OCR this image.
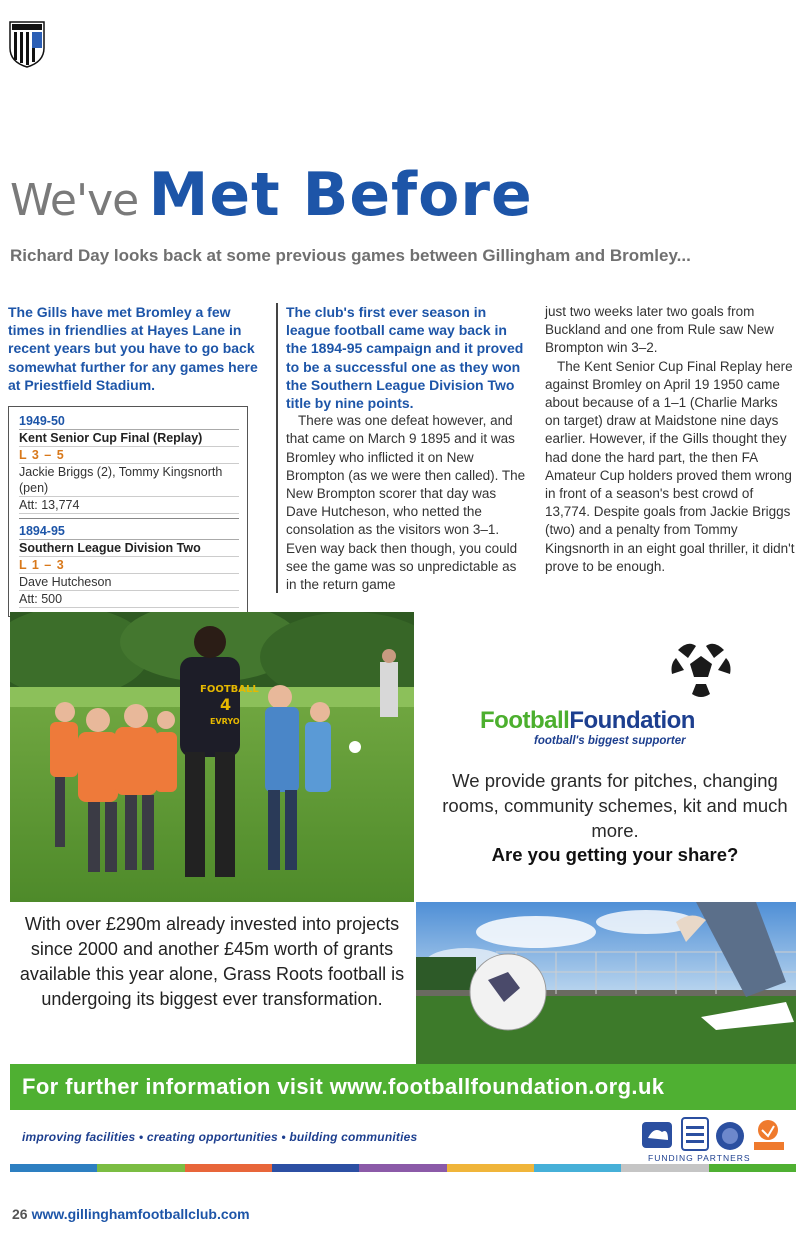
We've Met Before
Richard Day looks back at some previous games between Gillingham and Bromley...

The Gills have met Bromley a few times in friendlies at Hayes Lane in recent years but you have to go back somewhat further for any games here at Priestfield Stadium.

1949-50
Kent Senior Cup Final (Replay)
L 3 – 5
Jackie Briggs (2), Tommy Kingsnorth (pen)
Att: 13,774
1894-95
Southern League Division Two
L 1 – 3
Dave Hutcheson
Att: 500

The club's first ever season in league football came way back in the 1894-95 campaign and it proved to be a successful one as they won the Southern League Division Two title by nine points.

There was one defeat however, and that came on March 9 1895 and it was Bromley who inflicted it on New Brompton (as we were then called). The New Brompton scorer that day was Dave Hutcheson, who netted the consolation as the visitors won 3–1. Even way back then though, you could see the game was so unpredictable as in the return game

just two weeks later two goals from Buckland and one from Rule saw New Brompton win 3–2.

The Kent Senior Cup Final Replay here against Bromley on April 19 1950 came about because of a 1–1 (Charlie Marks on target) draw at Maidstone nine days earlier. However, if the Gills thought they had done the hard part, the then FA Amateur Cup holders proved them wrong in front of a season's best crowd of 13,774. Despite goals from Jackie Briggs (two) and a penalty from Tommy Kingsnorth in an eight goal thriller, it didn't prove to be enough.

FOOTBALL
4
EVRYO	FootballFoundation
football's biggest supporter
We provide grants for pitches, changing rooms, community schemes, kit and much more.
Are you getting your share?
With over £290m already invested into projects since 2000 and another £45m worth of grants available this year alone, Grass Roots football is undergoing its biggest ever transformation.
For further information visit www.footballfoundation.org.uk
improving facilities • creating opportunities • building communities
FUNDING PARTNERS
26 www.gillinghamfootballclub.com
